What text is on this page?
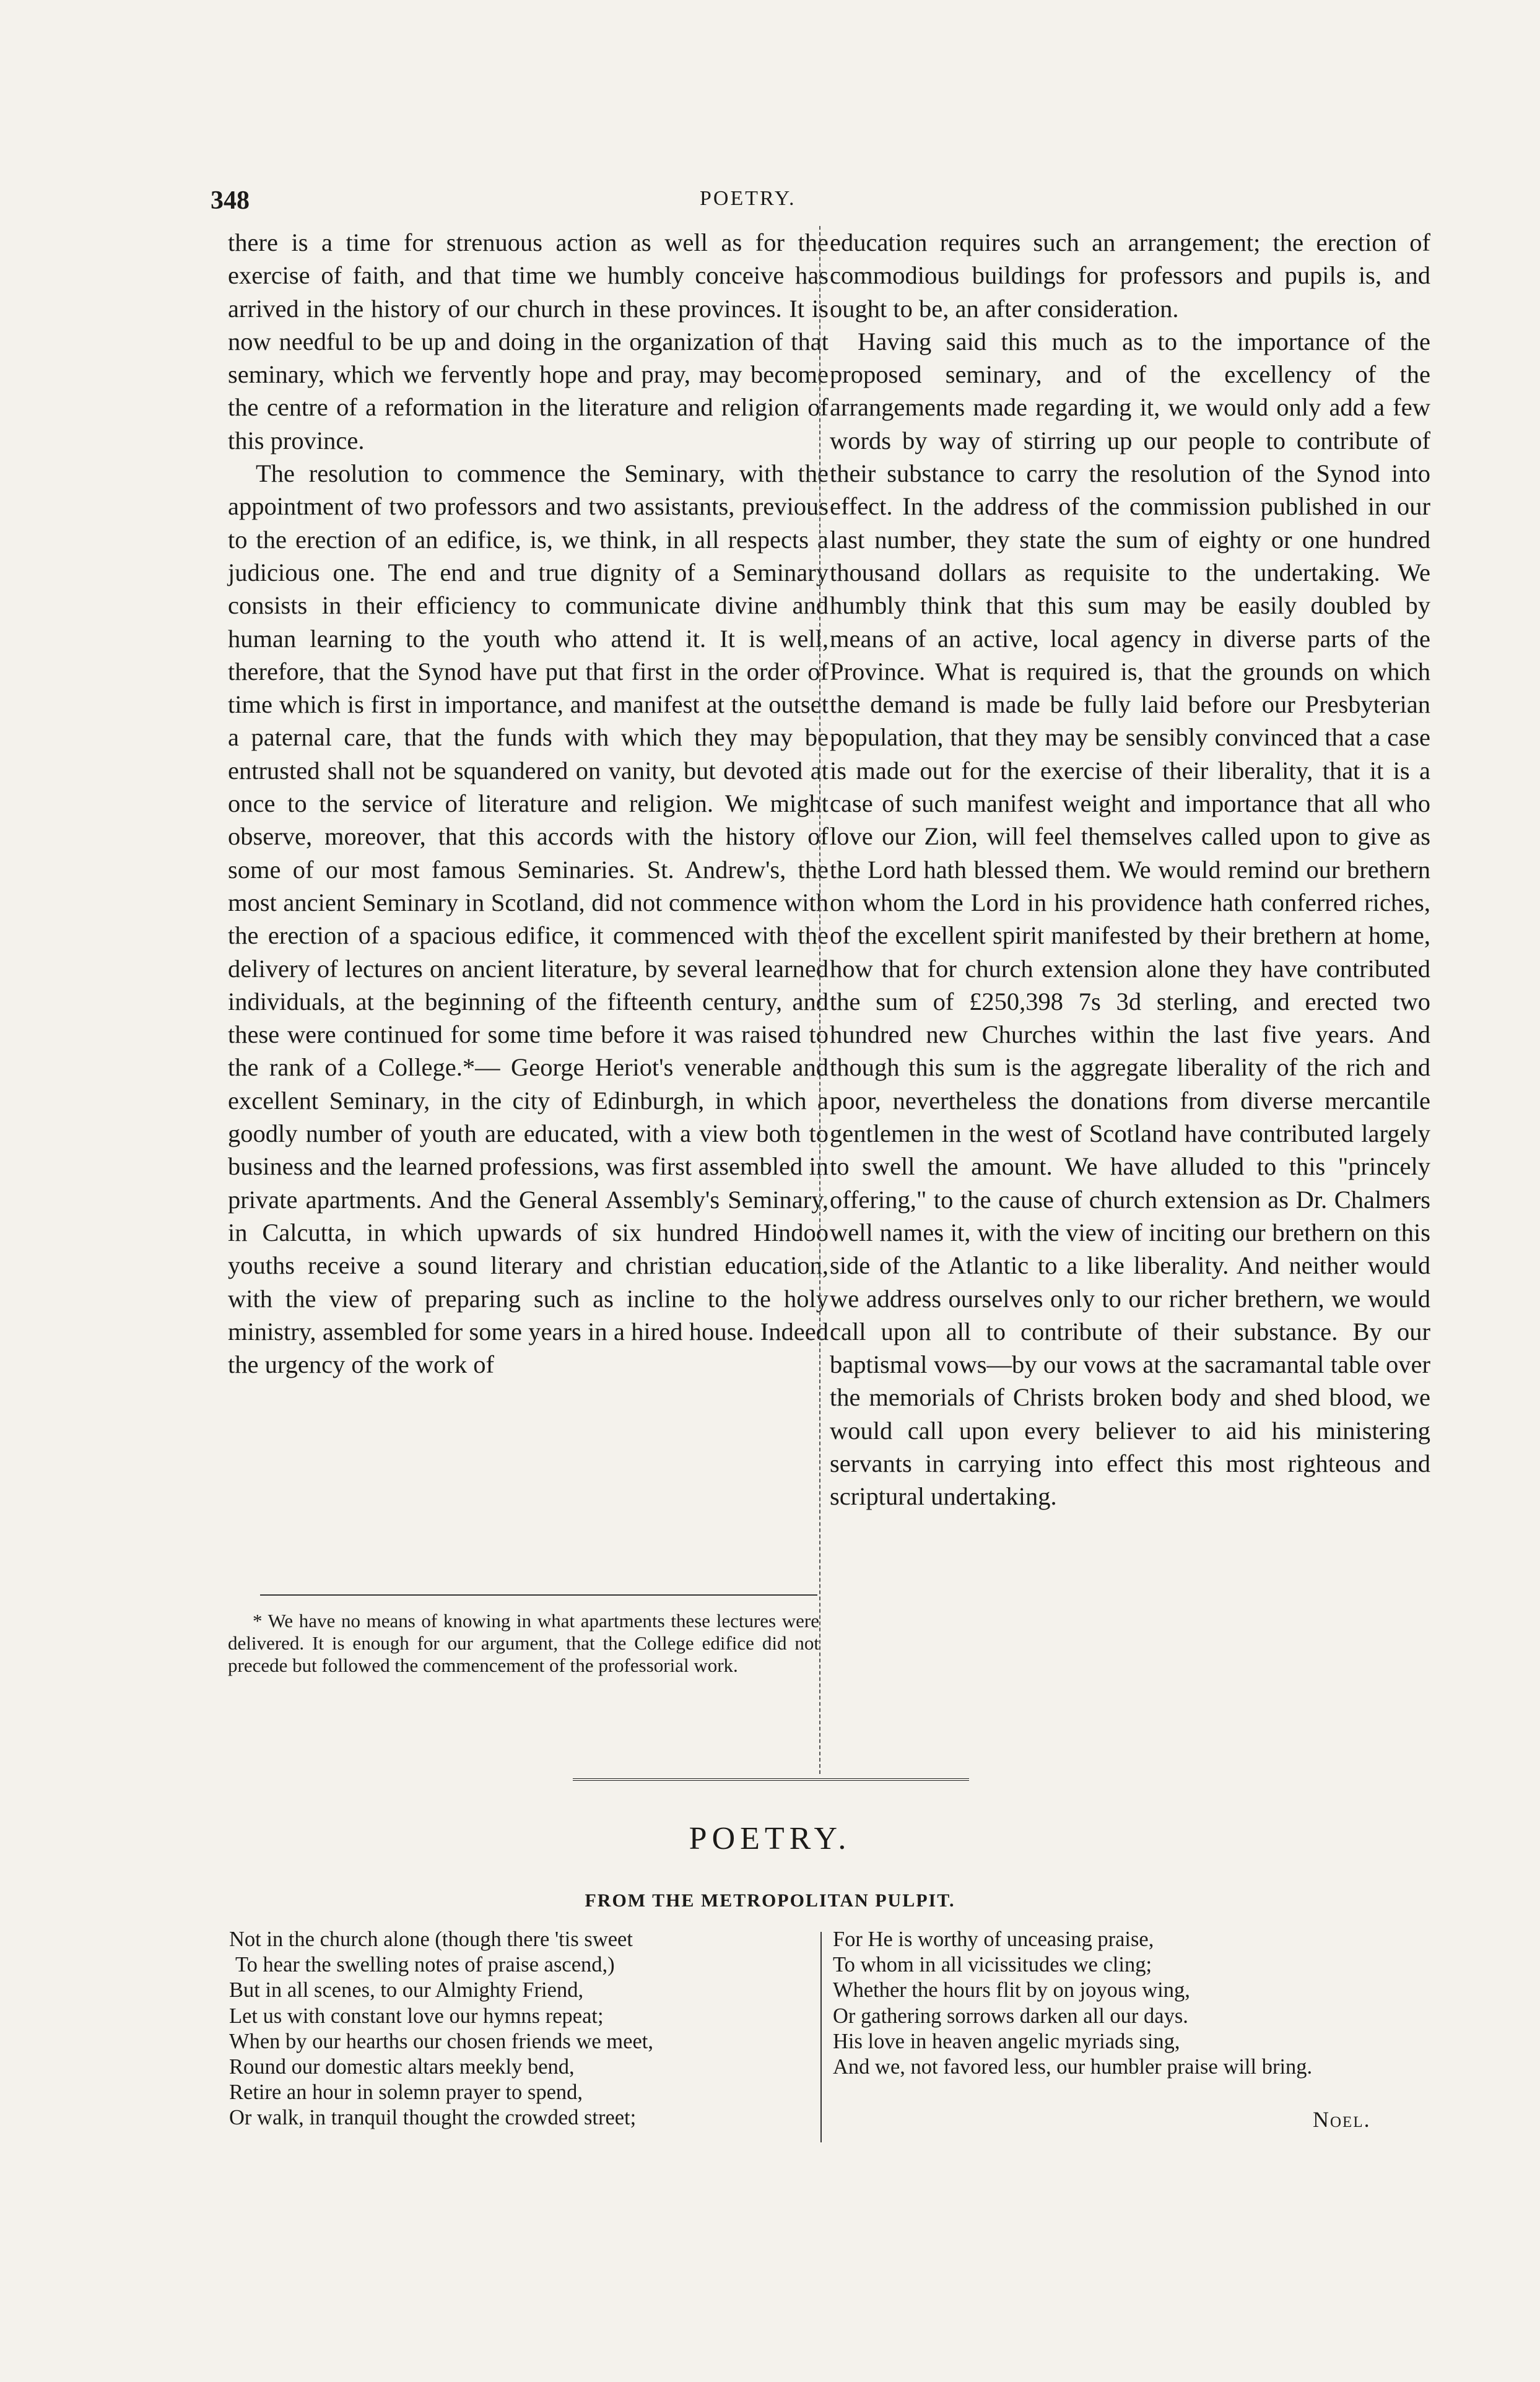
348	POETRY.

there is a time for strenuous action as well as for the exercise of faith, and that time we humbly conceive has arrived in the history of our church in these provinces. It is now needful to be up and doing in the organization of that seminary, which we fervently hope and pray, may become the centre of a reformation in the literature and religion of this province.

The resolution to commence the Seminary, with the appointment of two professors and two assistants, previous to the erection of an edifice, is, we think, in all respects a judicious one. The end and true dignity of a Seminary consists in their efficiency to communicate divine and human learning to the youth who attend it. It is well, therefore, that the Synod have put that first in the order of time which is first in importance, and manifest at the outset a paternal care, that the funds with which they may be entrusted shall not be squandered on vanity, but devoted at once to the service of literature and religion. We might observe, moreover, that this accords with the history of some of our most famous Seminaries. St. Andrew's, the most ancient Seminary in Scotland, did not commence with the erection of a spacious edifice, it commenced with the delivery of lectures on ancient literature, by several learned individuals, at the beginning of the fifteenth century, and these were continued for some time before it was raised to the rank of a College.*— George Heriot's venerable and excellent Seminary, in the city of Edinburgh, in which a goodly number of youth are educated, with a view both to business and the learned professions, was first assembled in private apartments. And the General Assembly's Seminary, in Calcutta, in which upwards of six hundred Hindoo youths receive a sound literary and christian education, with the view of preparing such as incline to the holy ministry, assembled for some years in a hired house. Indeed the urgency of the work of

education requires such an arrangement; the erection of commodious buildings for professors and pupils is, and ought to be, an after consideration.

Having said this much as to the importance of the proposed seminary, and of the excellency of the arrangements made regarding it, we would only add a few words by way of stirring up our people to contribute of their substance to carry the resolution of the Synod into effect. In the address of the commission published in our last number, they state the sum of eighty or one hundred thousand dollars as requisite to the undertaking. We humbly think that this sum may be easily doubled by means of an active, local agency in diverse parts of the Province. What is required is, that the grounds on which the demand is made be fully laid before our Presbyterian population, that they may be sensibly convinced that a case is made out for the exercise of their liberality, that it is a case of such manifest weight and importance that all who love our Zion, will feel themselves called upon to give as the Lord hath blessed them. We would remind our brethern on whom the Lord in his providence hath conferred riches, of the excellent spirit manifested by their brethern at home, how that for church extension alone they have contributed the sum of £250,398 7s 3d sterling, and erected two hundred new Churches within the last five years. And though this sum is the aggregate liberality of the rich and poor, nevertheless the donations from diverse mercantile gentlemen in the west of Scotland have contributed largely to swell the amount. We have alluded to this "princely offering," to the cause of church extension as Dr. Chalmers well names it, with the view of inciting our brethern on this side of the Atlantic to a like liberality. And neither would we address ourselves only to our richer brethern, we would call upon all to contribute of their substance. By our baptismal vows—by our vows at the sacramantal table over the memorials of Christs broken body and shed blood, we would call upon every believer to aid his ministering servants in carrying into effect this most righteous and scriptural undertaking.

* We have no means of knowing in what apartments these lectures were delivered. It is enough for our argument, that the College edifice did not precede but followed the commencement of the professorial work.

POETRY.
FROM THE METROPOLITAN PULPIT.
Not in the church alone (though there 'tis sweet
To hear the swelling notes of praise ascend,)
But in all scenes, to our Almighty Friend,
Let us with constant love our hymns repeat;
When by our hearths our chosen friends we meet,
Round our domestic altars meekly bend,
Retire an hour in solemn prayer to spend,
Or walk, in tranquil thought the crowded street;
For He is worthy of unceasing praise,
To whom in all vicissitudes we cling;
Whether the hours flit by on joyous wing,
Or gathering sorrows darken all our days.
His love in heaven angelic myriads sing,
And we, not favored less, our humbler praise will bring.
Noel.
